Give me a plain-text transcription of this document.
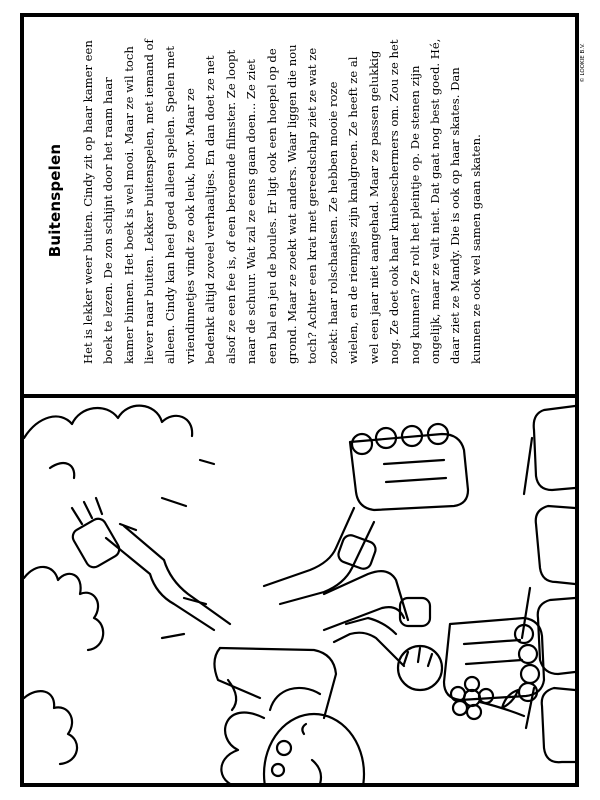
Buitenspelen Het is lekker weer buiten. Cindy zit op haar kamer een boek te lezen. De zon schijnt door het raam haar kamer binnen. Het boek is wel mooi. Maar ze wil toch liever naar buiten. Lekker buitenspelen, met iemand of alleen. Cindy kan heel goed alleen spelen. Spelen met vriendinnetjes vindt ze ook leuk, hoor. Maar ze bedenkt altijd zoveel verhaaltjes. En dan doet ze net alsof ze een fee is, of een beroemde filmster. Ze loopt naar de schuur. Wat zal ze eens gaan doen... Ze ziet een bal en jeu de boules. Er ligt ook een hoepel op de grond. Maar ze zoekt wat anders. Waar liggen die nou toch? Achter een krat met gereedschap ziet ze wat ze zoekt: haar rolschaatsen. Ze hebben mooie roze wielen, en de riempjes zijn knalgroen. Ze heeft ze al wel een jaar niet aangehad. Maar ze passen gelukkig nog. Ze doet ook haar kniebeschermers om. Zou ze het nog kunnen? Ze rolt het pleintje op. De stenen zijn ongelijk, maar ze valt niet. Dat gaat nog best goed. Hé, daar ziet ze Mandy. Die is ook op haar skates. Dan kunnen ze ook wel samen gaan skaten.

© LOOKIE B.V.
